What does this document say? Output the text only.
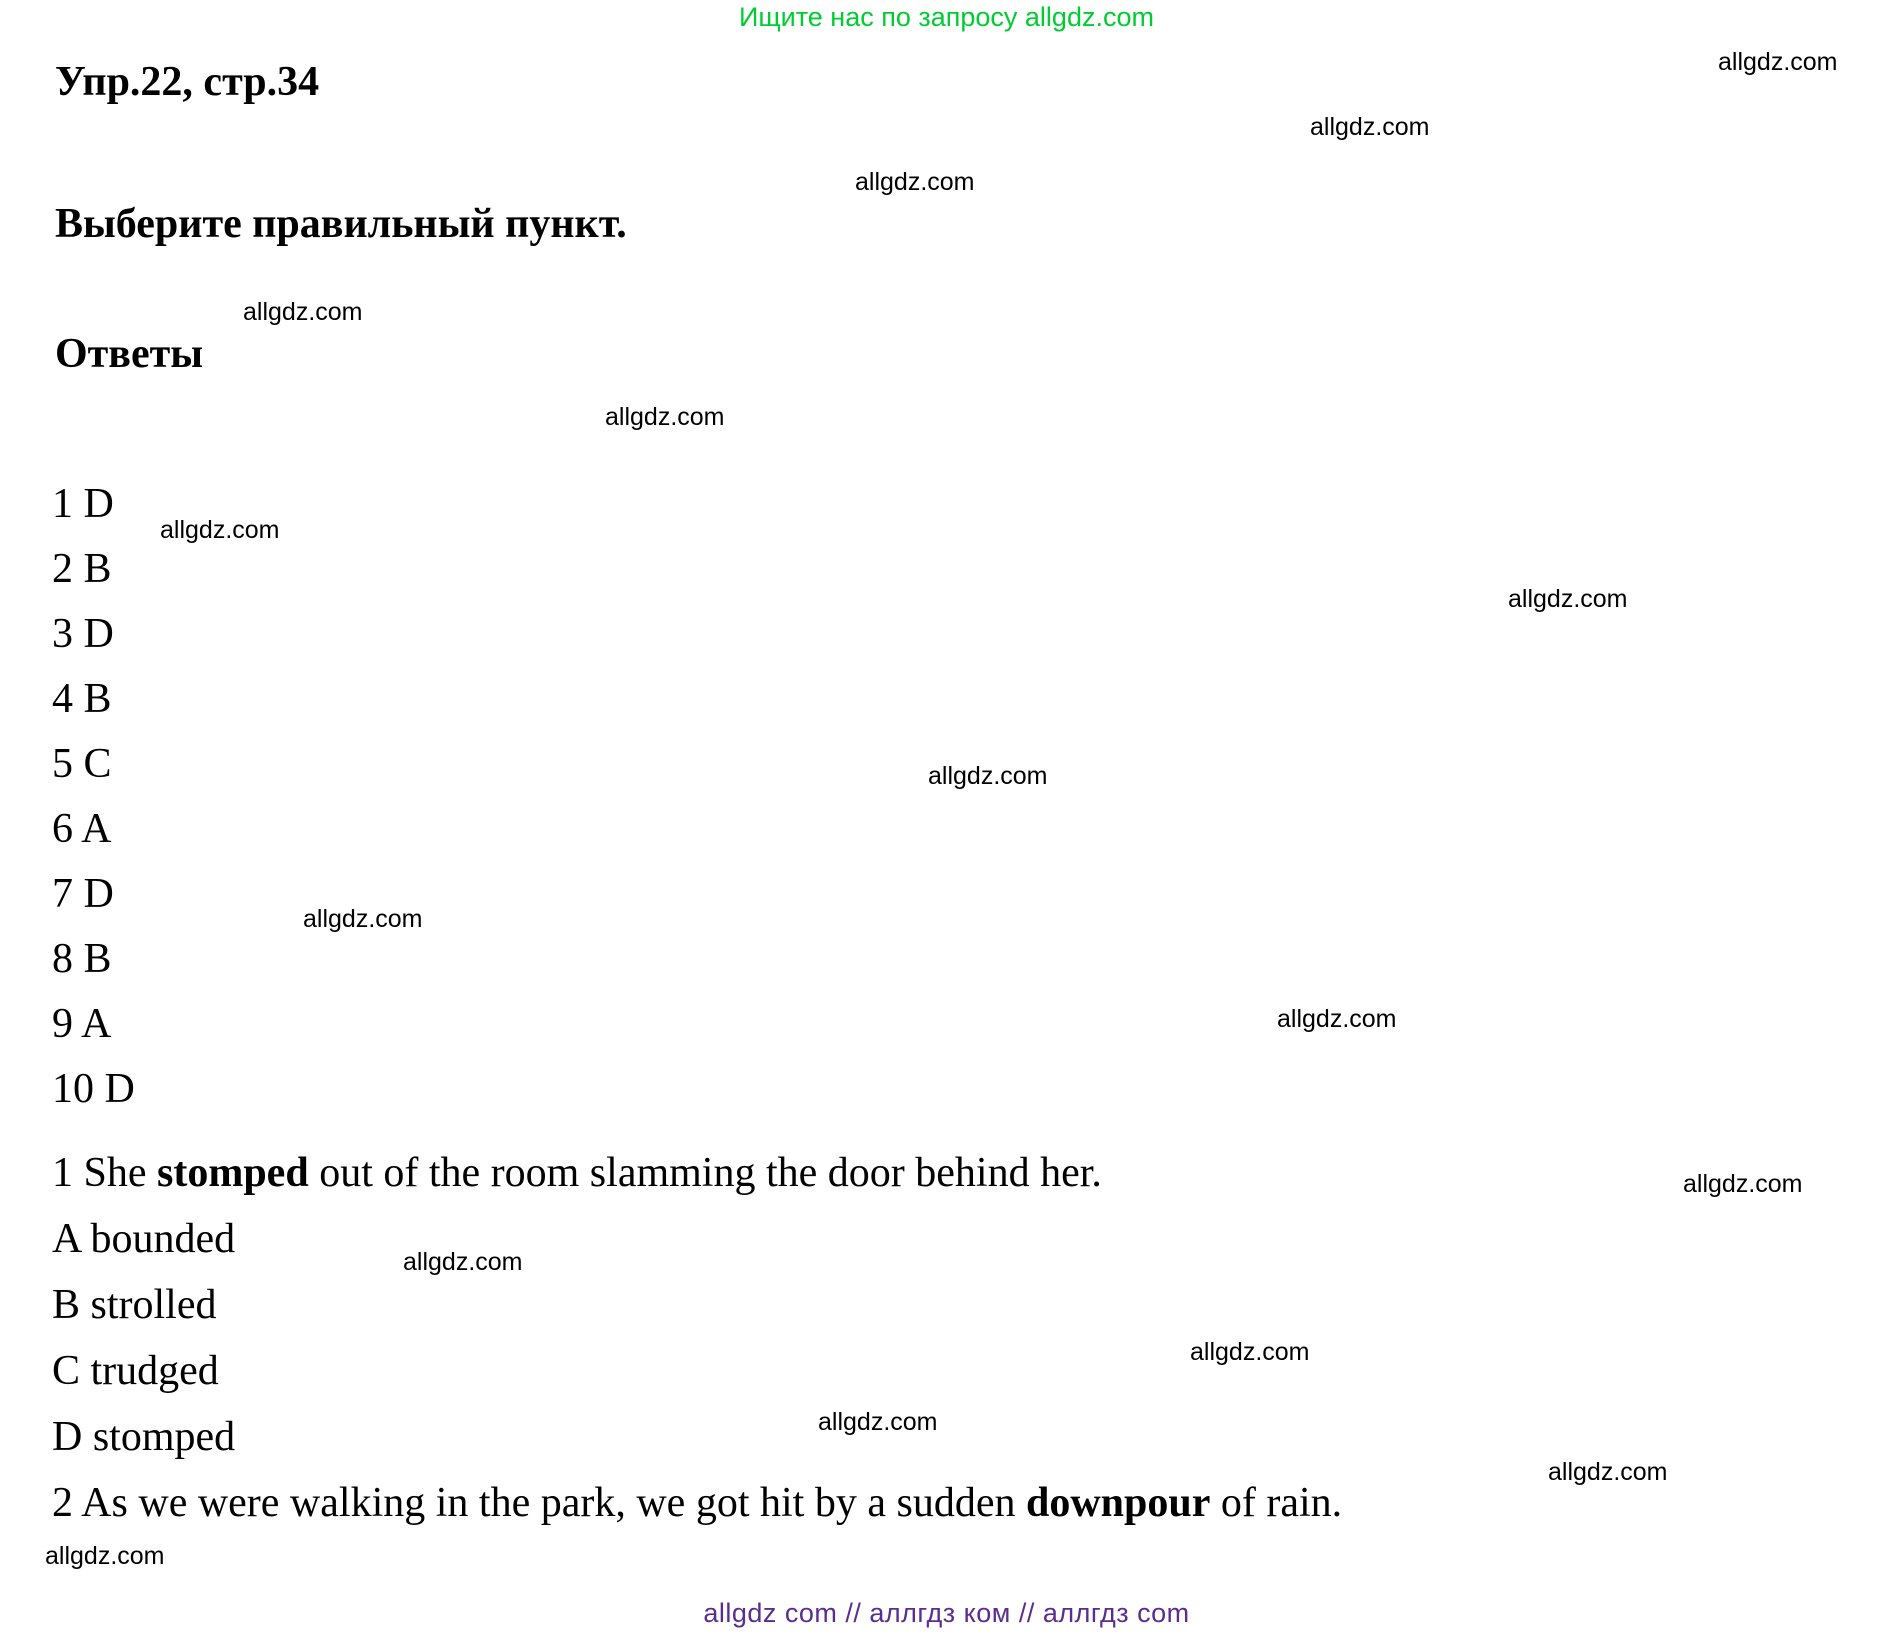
Ищите нас по запросу allgdz.com
Упр.22, стр.34
Выберите правильный пункт.
Ответы
1 D
2 B
3 D
4 B
5 C
6 A
7 D
8 B
9 A
10 D
1 She stomped out of the room slamming the door behind her.
A bounded
B strolled
C trudged
D stomped
2 As we were walking in the park, we got hit by a sudden downpour of rain.
allgdz.com
allgdz.com
allgdz.com
allgdz.com
allgdz.com
allgdz.com
allgdz.com
allgdz.com
allgdz.com
allgdz.com
allgdz.com
allgdz.com
allgdz.com
allgdz.com
allgdz.com
allgdz.com
allgdz com // аллгдз ком // аллгдз com
